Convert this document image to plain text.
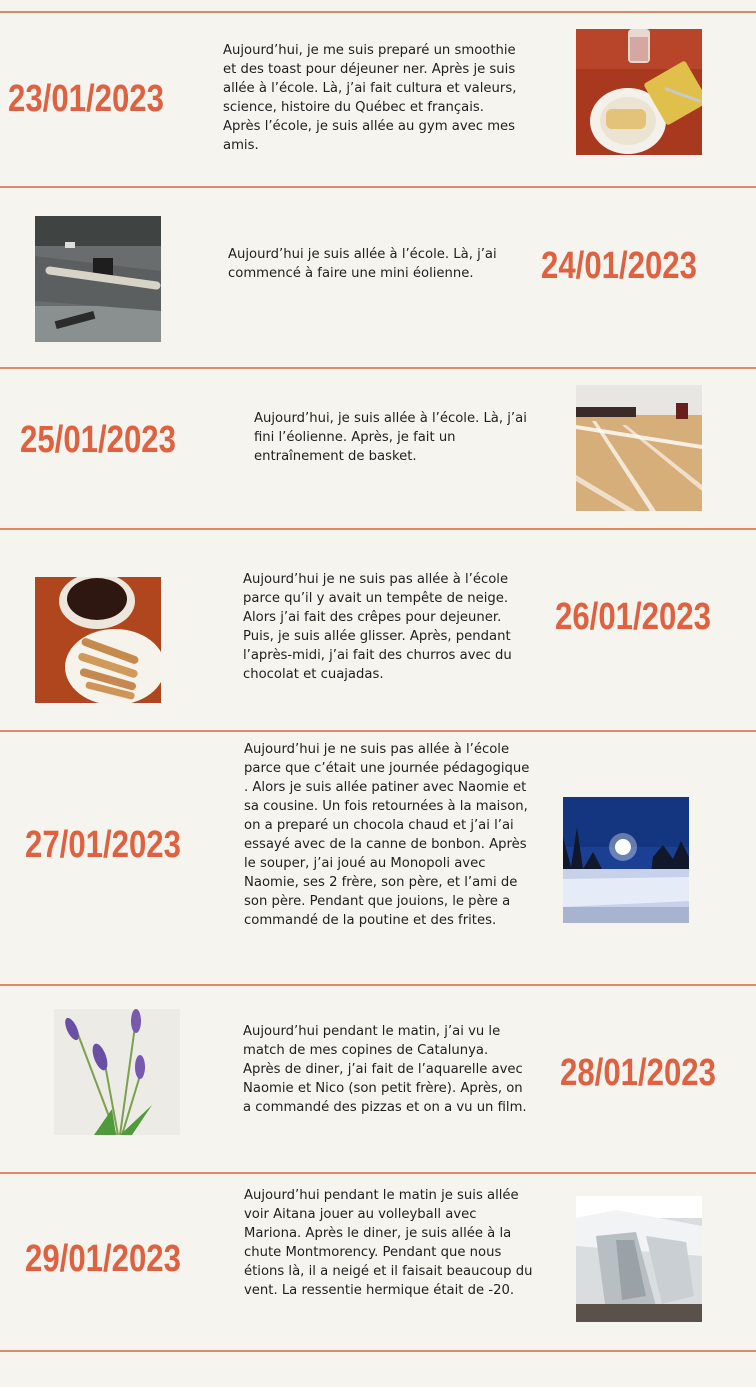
23/01/2023
Aujourd’hui, je me suis preparé un smoothie et des toast pour déjeuner ner. Après je suis allée à l’école. Là, j’ai fait cultura et valeurs, science, histoire du Québec et français. Après l’école, je suis allée au gym avec mes amis.
Aujourd’hui je suis allée à l’école. Là, j’ai commencé à faire une mini éolienne.	24/01/2023
25/01/2023
Aujourd’hui, je suis allée à l’école. Là, j’ai fini l’éolienne. Après, je fait un entraînement de basket.
Aujourd’hui je ne suis pas allée à l’école parce qu’il y avait un tempête de neige. Alors j’ai fait des crêpes pour dejeuner. Puis, je suis allée glisser. Après, pendant l’après-midi, j’ai fait des churros avec du chocolat et cuajadas.
26/01/2023
27/01/2023
Aujourd’hui je ne suis pas allée à l’école parce que c’était une journée pédagogique . Alors je suis allée patiner avec Naomie et sa cousine. Un fois retournées à la maison, on a preparé un chocola chaud et j’ai l’ai essayé avec de la canne de bonbon. Après le souper, j’ai joué au Monopoli avec Naomie, ses 2 frère, son père, et l’ami de son père. Pendant que jouions, le père a commandé de la poutine et des frites.
Aujourd’hui pendant le matin, j’ai vu le match de mes copines de Catalunya. Après de diner, j’ai fait de l’aquarelle avec Naomie et Nico (son petit frère). Après, on a commandé des pizzas et on a vu un film.
28/01/2023
29/01/2023
Aujourd’hui pendant le matin je suis allée voir Aitana jouer au volleyball avec Mariona. Après le diner, je suis allée à la chute Montmorency. Pendant que nous étions là, il a neigé et il faisait beaucoup du vent. La ressentie hermique était de -20.
